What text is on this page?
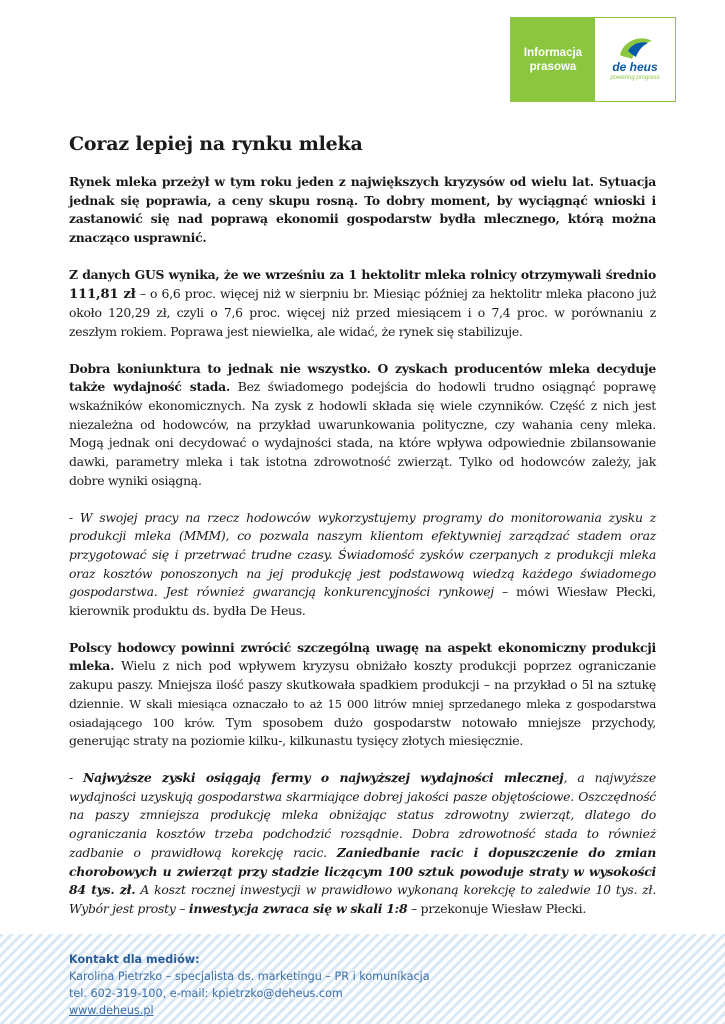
Informacja
prasowa	de heus
powering progress
Coraz lepiej na rynku mleka

Rynek mleka przeżył w tym roku jeden z największych kryzysów od wielu lat. Sytuacja jednak się poprawia, a ceny skupu rosną. To dobry moment, by wyciągnąć wnioski i zastanowić się nad poprawą ekonomii gospodarstw bydła mlecznego, którą można znacząco usprawnić.

Z danych GUS wynika, że we wrześniu za 1 hektolitr mleka rolnicy otrzymywali średnio 111,81 zł – o 6,6 proc. więcej niż w sierpniu br. Miesiąc później za hektolitr mleka płacono już około 120,29 zł, czyli o 7,6 proc. więcej niż przed miesiącem i o 7,4 proc. w porównaniu z zeszłym rokiem. Poprawa jest niewielka, ale widać, że rynek się stabilizuje.

Dobra koniunktura to jednak nie wszystko. O zyskach producentów mleka decyduje także wydajność stada. Bez świadomego podejścia do hodowli trudno osiągnąć poprawę wskaźników ekonomicznych. Na zysk z hodowli składa się wiele czynników. Część z nich jest niezależna od hodowców, na przykład uwarunkowania polityczne, czy wahania ceny mleka. Mogą jednak oni decydować o wydajności stada, na które wpływa odpowiednie zbilansowanie dawki, parametry mleka i tak istotna zdrowotność zwierząt. Tylko od hodowców zależy, jak dobre wyniki osiągną.

- W swojej pracy na rzecz hodowców wykorzystujemy programy do monitorowania zysku z produkcji mleka (MMM), co pozwala naszym klientom efektywniej zarządzać stadem oraz przygotować się i przetrwać trudne czasy. Świadomość zysków czerpanych z produkcji mleka oraz kosztów ponoszonych na jej produkcję jest podstawową wiedzą każdego świadomego gospodarstwa. Jest również gwarancją konkurencyjności rynkowej – mówi Wiesław Płecki, kierownik produktu ds. bydła De Heus.

Polscy hodowcy powinni zwrócić szczególną uwagę na aspekt ekonomiczny produkcji mleka. Wielu z nich pod wpływem kryzysu obniżało koszty produkcji poprzez ograniczanie zakupu paszy. Mniejsza ilość paszy skutkowała spadkiem produkcji – na przykład o 5l na sztukę dziennie. W skali miesiąca oznaczało to aż 15 000 litrów mniej sprzedanego mleka z gospodarstwa osiadającego 100 krów. Tym sposobem dużo gospodarstw notowało mniejsze przychody, generując straty na poziomie kilku-, kilkunastu tysięcy złotych miesięcznie.

- Najwyższe zyski osiągają fermy o najwyższej wydajności mlecznej, a najwyższe wydajności uzyskują gospodarstwa skarmiające dobrej jakości pasze objętościowe. Oszczędność na paszy zmniejsza produkcję mleka obniżając status zdrowotny zwierząt, dlatego do ograniczania kosztów trzeba podchodzić rozsądnie. Dobra zdrowotność stada to również zadbanie o prawidłową korekcję racic. Zaniedbanie racic i dopuszczenie do zmian chorobowych u zwierząt przy stadzie liczącym 100 sztuk powoduje straty w wysokości 84 tys. zł. A koszt rocznej inwestycji w prawidłowo wykonaną korekcję to zaledwie 10 tys. zł. Wybór jest prosty – inwestycja zwraca się w skali 1:8 – przekonuje Wiesław Płecki.

Kontakt dla mediów:
Karolina Pietrzko – specjalista ds. marketingu – PR i komunikacja
tel. 602-319-100, e-mail: kpietrzko@deheus.com
www.deheus.pl
